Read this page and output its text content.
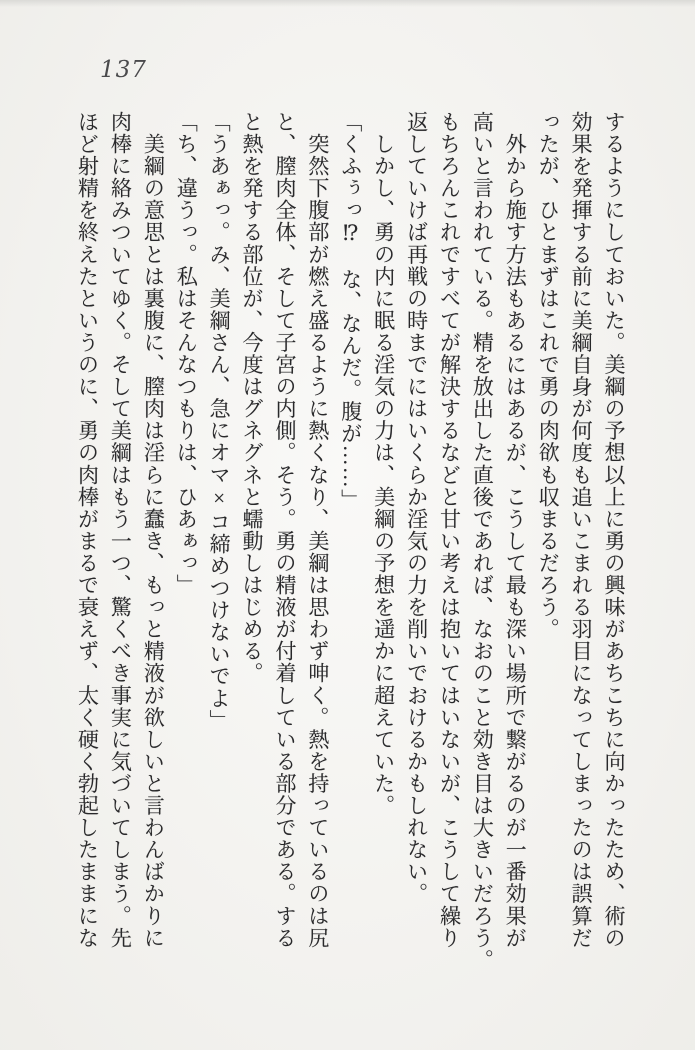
137
するようにしておいた。美綱の予想以上に勇の興味があちこちに向かったため、術の
効果を発揮する前に美綱自身が何度も追いこまれる羽目になってしまったのは誤算だ
ったが、ひとまずはこれで勇の肉欲も収まるだろう。
　外から施す方法もあるにはあるが、こうして最も深い場所で繋がるのが一番効果が
高いと言われている。精を放出した直後であれば、なおのこと効き目は大きいだろう。
もちろんこれですべてが解決するなどと甘い考えは抱いてはいないが、こうして繰り
返していけば再戦の時までにはいくらか淫気の力を削いでおけるかもしれない。
　しかし、勇の内に眠る淫気の力は、美綱の予想を遥かに超えていた。
「くふぅっ⁉　な、なんだ。腹が……」
　突然下腹部が燃え盛るように熱くなり、美綱は思わず呻く。熱を持っているのは尻
と、膣肉全体、そして子宮の内側。そう。勇の精液が付着している部分である。する
と熱を発する部位が、今度はグネグネと蠕動しはじめる。
「うあぁっ。み、美綱さん、急にオマ×コ締めつけないでよ」
「ち、違うっ。私はそんなつもりは、ひあぁっ」
　美綱の意思とは裏腹に、膣肉は淫らに蠢き、もっと精液が欲しいと言わんばかりに
肉棒に絡みついてゆく。そして美綱はもう一つ、驚くべき事実に気づいてしまう。先
ほど射精を終えたというのに、勇の肉棒がまるで衰えず、太く硬く勃起したままにな
